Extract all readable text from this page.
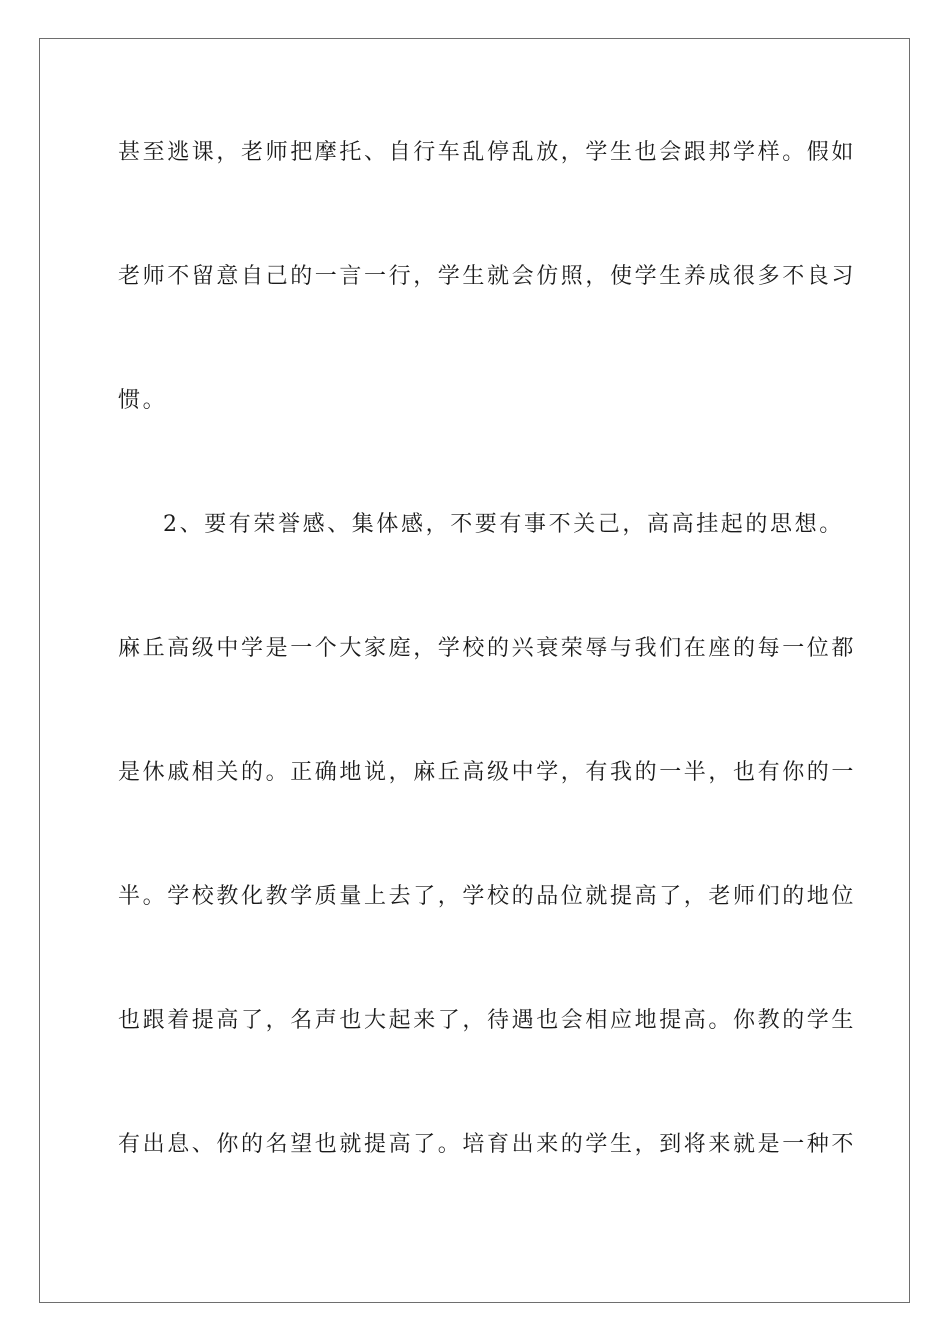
甚至逃课，老师把摩托、自行车乱停乱放，学生也会跟邦学样。假如
老师不留意自己的一言一行，学生就会仿照，使学生养成很多不良习
惯。
2、要有荣誉感、集体感，不要有事不关己，高高挂起的思想。
麻丘高级中学是一个大家庭，学校的兴衰荣辱与我们在座的每一位都
是休戚相关的。正确地说，麻丘高级中学，有我的一半，也有你的一
半。学校教化教学质量上去了，学校的品位就提高了，老师们的地位
也跟着提高了，名声也大起来了，待遇也会相应地提高。你教的学生
有出息、你的名望也就提高了。培育出来的学生，到将来就是一种不
